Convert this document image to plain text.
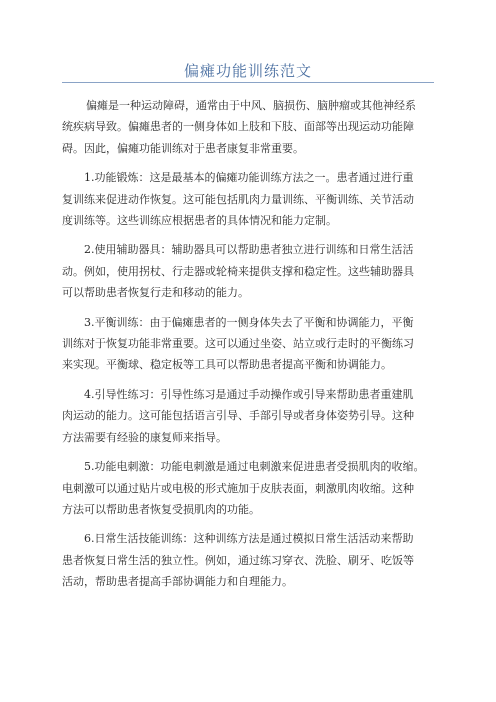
偏瘫功能训练范文

偏瘫是一种运动障碍，通常由于中风、脑损伤、脑肿瘤或其他神经系
统疾病导致。偏瘫患者的一侧身体如上肢和下肢、面部等出现运动功能障
碍。因此，偏瘫功能训练对于患者康复非常重要。

1.功能锻炼：这是最基本的偏瘫功能训练方法之一。患者通过进行重
复训练来促进动作恢复。这可能包括肌肉力量训练、平衡训练、关节活动
度训练等。这些训练应根据患者的具体情况和能力定制。

2.使用辅助器具：辅助器具可以帮助患者独立进行训练和日常生活活
动。例如，使用拐杖、行走器或轮椅来提供支撑和稳定性。这些辅助器具
可以帮助患者恢复行走和移动的能力。

3.平衡训练：由于偏瘫患者的一侧身体失去了平衡和协调能力，平衡
训练对于恢复功能非常重要。这可以通过坐姿、站立或行走时的平衡练习
来实现。平衡球、稳定板等工具可以帮助患者提高平衡和协调能力。

4.引导性练习：引导性练习是通过手动操作或引导来帮助患者重建肌
肉运动的能力。这可能包括语言引导、手部引导或者身体姿势引导。这种
方法需要有经验的康复师来指导。

5.功能电刺激：功能电刺激是通过电刺激来促进患者受损肌肉的收缩。
电刺激可以通过贴片或电极的形式施加于皮肤表面，刺激肌肉收缩。这种
方法可以帮助患者恢复受损肌肉的功能。

6.日常生活技能训练：这种训练方法是通过模拟日常生活活动来帮助
患者恢复日常生活的独立性。例如，通过练习穿衣、洗脸、刷牙、吃饭等
活动，帮助患者提高手部协调能力和自理能力。
